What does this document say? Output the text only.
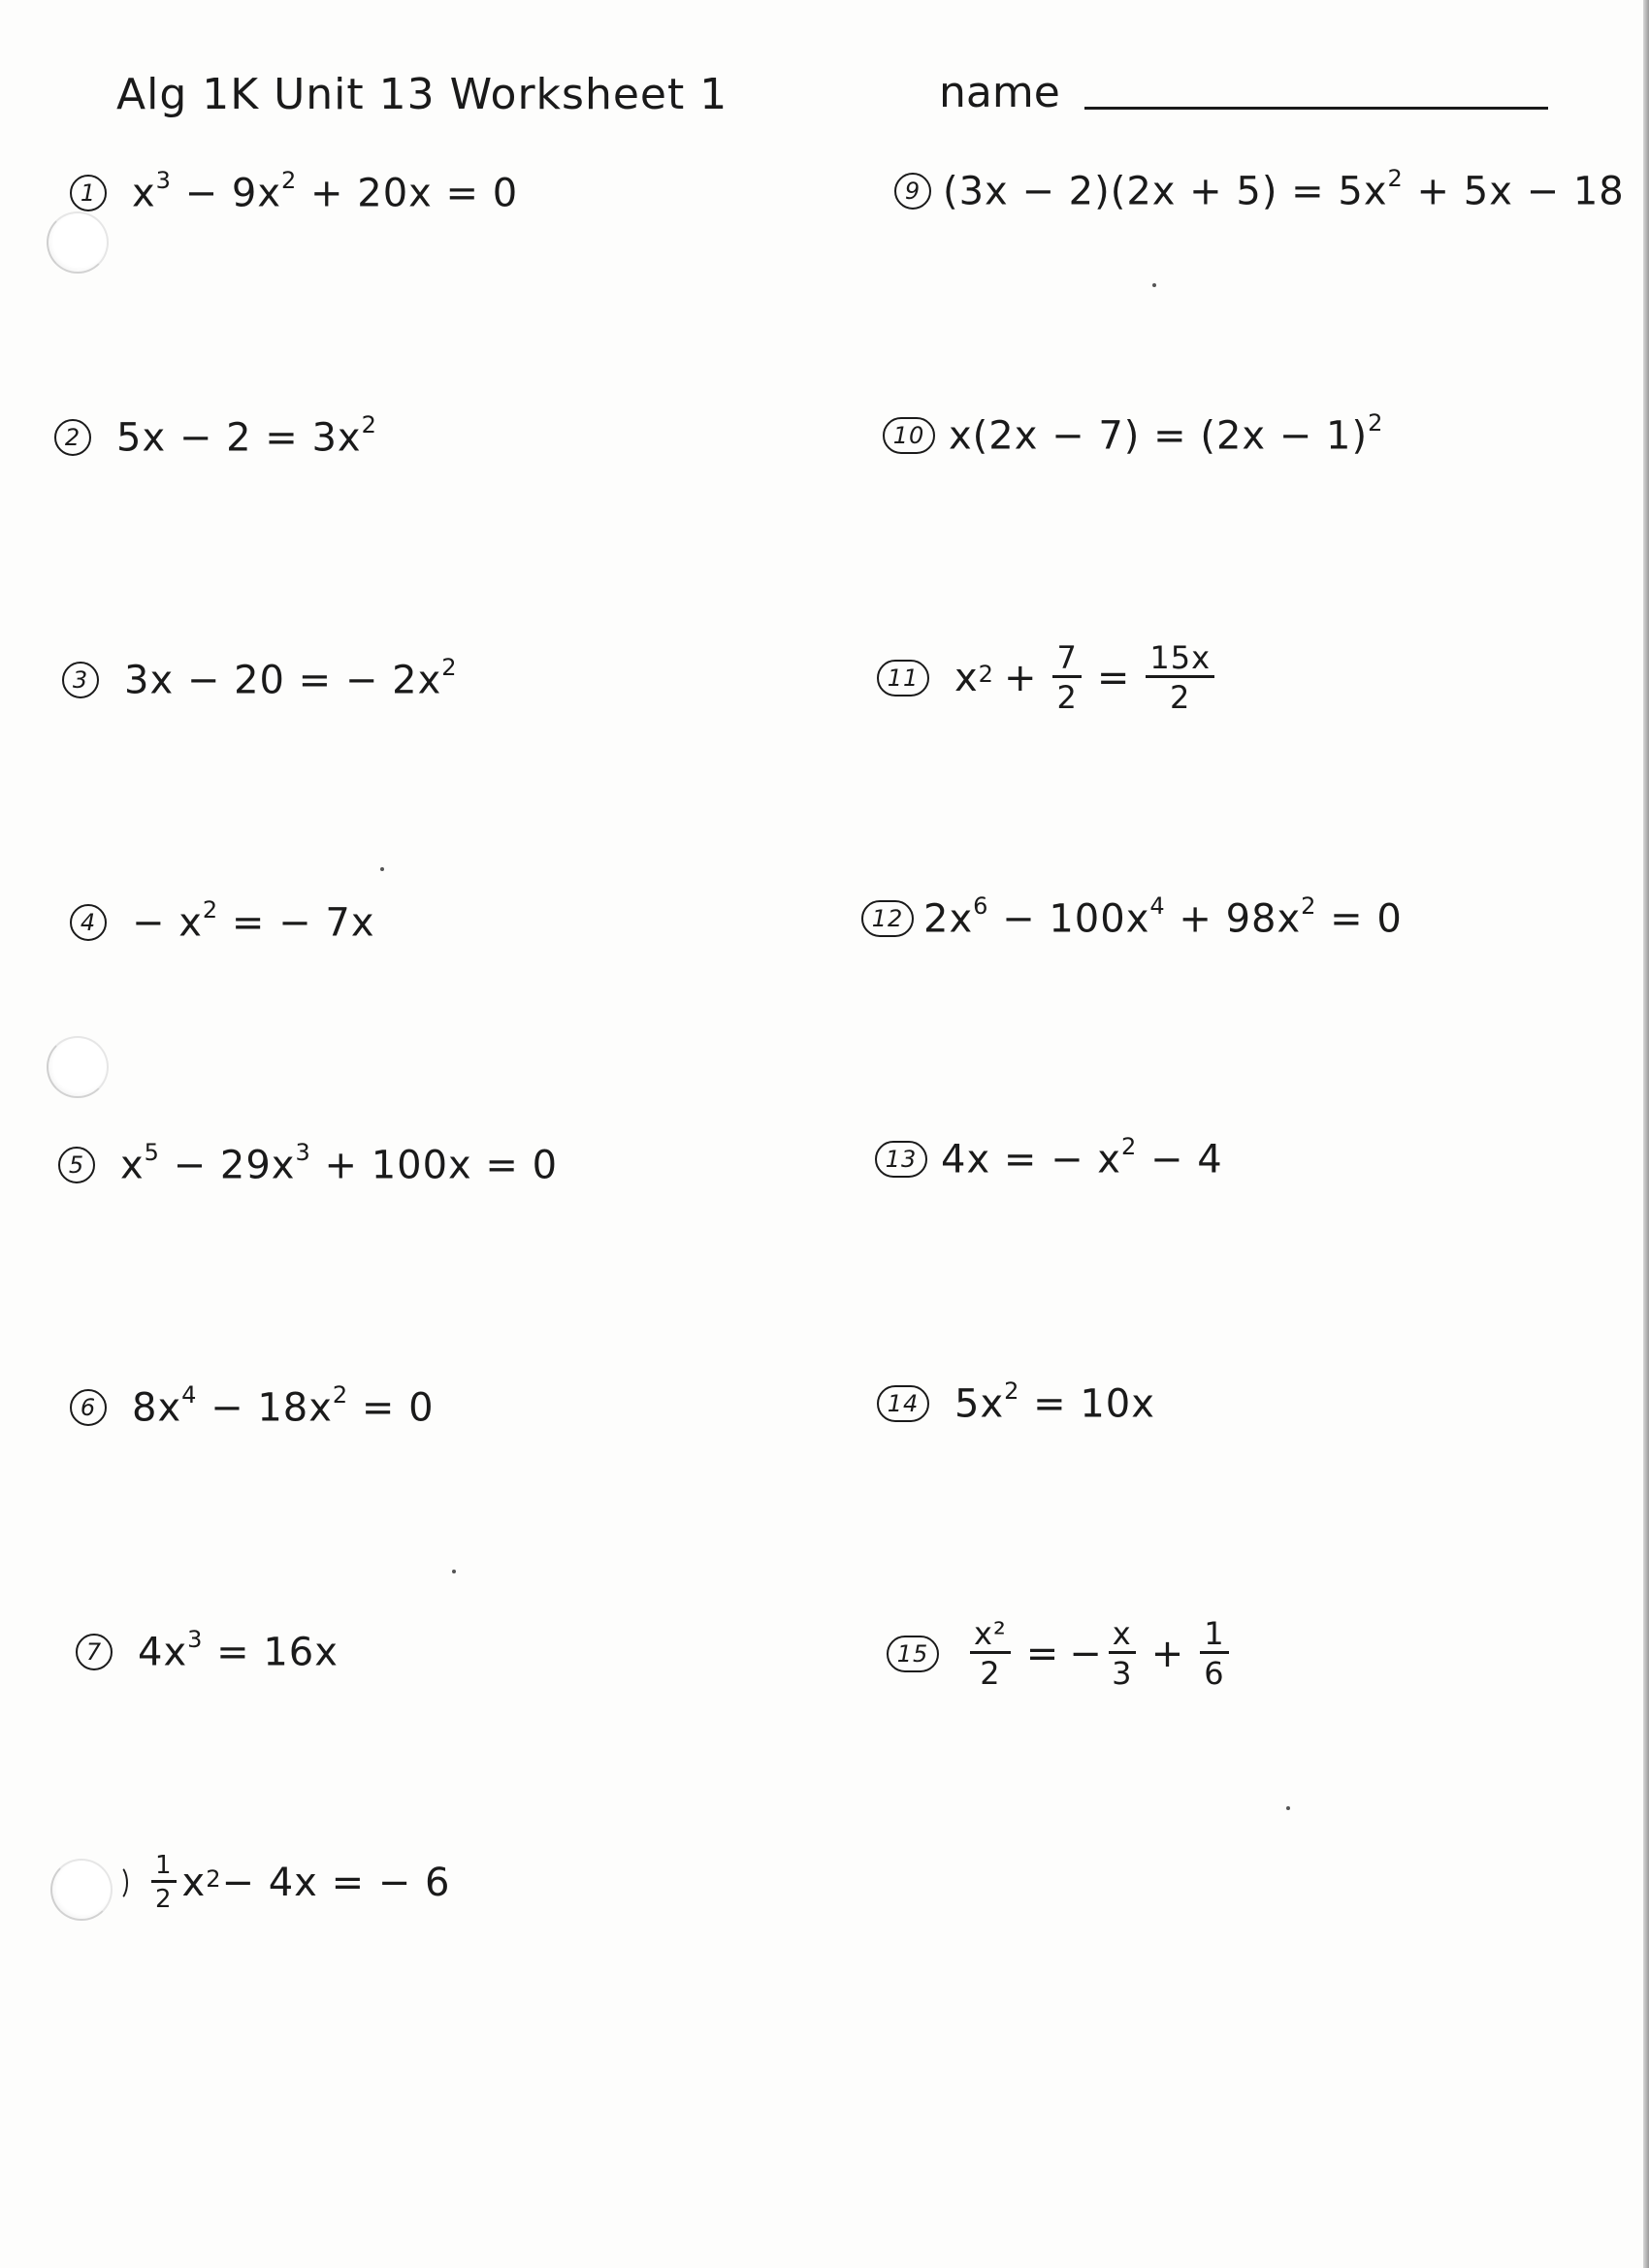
Alg 1K Unit 13 Worksheet 1	name
1 $x^3 - 9x^2 + 20x = 0$
2 $5x - 2 = 3x^2$
3 3x − 20 = − $2x^2$
$4 - x^2$ = − 7x
5 $x^5 - 29x^3 + 100x = 0$
6 $8x^4 - 18x^2 = 0$
7 $4x^3 = 16x$
$\frac{1}{2} x^2 - 4x$ = − 6
9 $(3x - 2)(2x + 5) = 5x^2 + 5x - 18$
10 $x(2x - 7) = (2x - 1)^2$
11 $x^2 + \frac{7}{2} = \frac{15x}{2}$
12 $2x^6 - 100x^4 + 98x^2 = 0$
13 4x = − $x^2 - 4$
14 $5x^2 = 10x$
15	$\frac{\text{x²}}{2}$ = − $\frac{x}{3} + \frac{1}{6}$
